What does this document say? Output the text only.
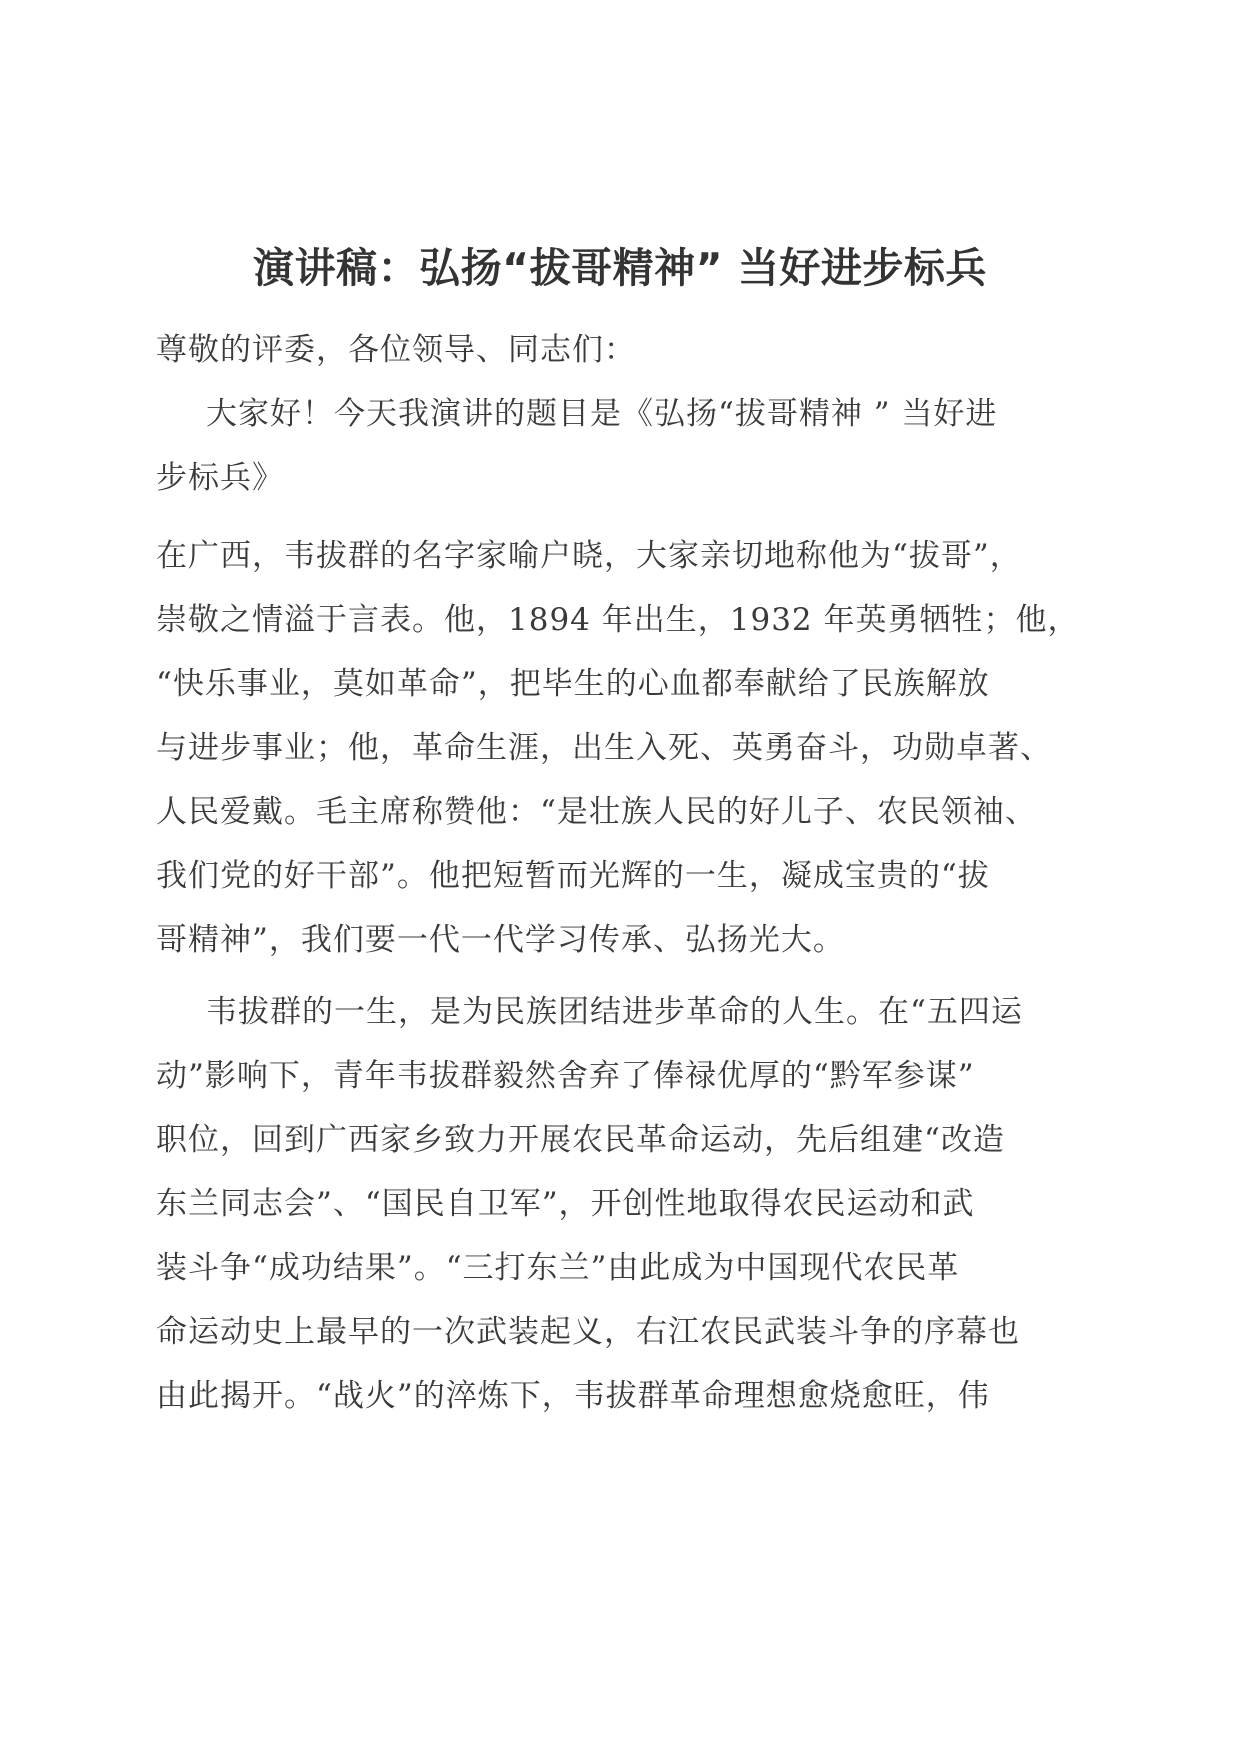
演讲稿：弘扬“拔哥精神” 当好进步标兵

尊敬的评委，各位领导、同志们：

大家好！今天我演讲的题目是《弘扬“拔哥精神 ” 当好进
步标兵》

在广西，韦拔群的名字家喻户晓，大家亲切地称他为“拔哥”，
崇敬之情溢于言表。他，1894 年出生，1932 年英勇牺牲；他，
“快乐事业，莫如革命”，把毕生的心血都奉献给了民族解放
与进步事业；他，革命生涯，出生入死、英勇奋斗，功勋卓著、
人民爱戴。毛主席称赞他：“是壮族人民的好儿子、农民领袖、
我们党的好干部”。他把短暂而光辉的一生，凝成宝贵的“拔
哥精神”，我们要一代一代学习传承、弘扬光大。

韦拔群的一生，是为民族团结进步革命的人生。在“五四运
动”影响下，青年韦拔群毅然舍弃了俸禄优厚的“黔军参谋”
职位，回到广西家乡致力开展农民革命运动，先后组建“改造
东兰同志会”、“国民自卫军”，开创性地取得农民运动和武
装斗争“成功结果”。“三打东兰”由此成为中国现代农民革
命运动史上最早的一次武装起义，右江农民武装斗争的序幕也
由此揭开。“战火”的淬炼下，韦拔群革命理想愈烧愈旺，伟
